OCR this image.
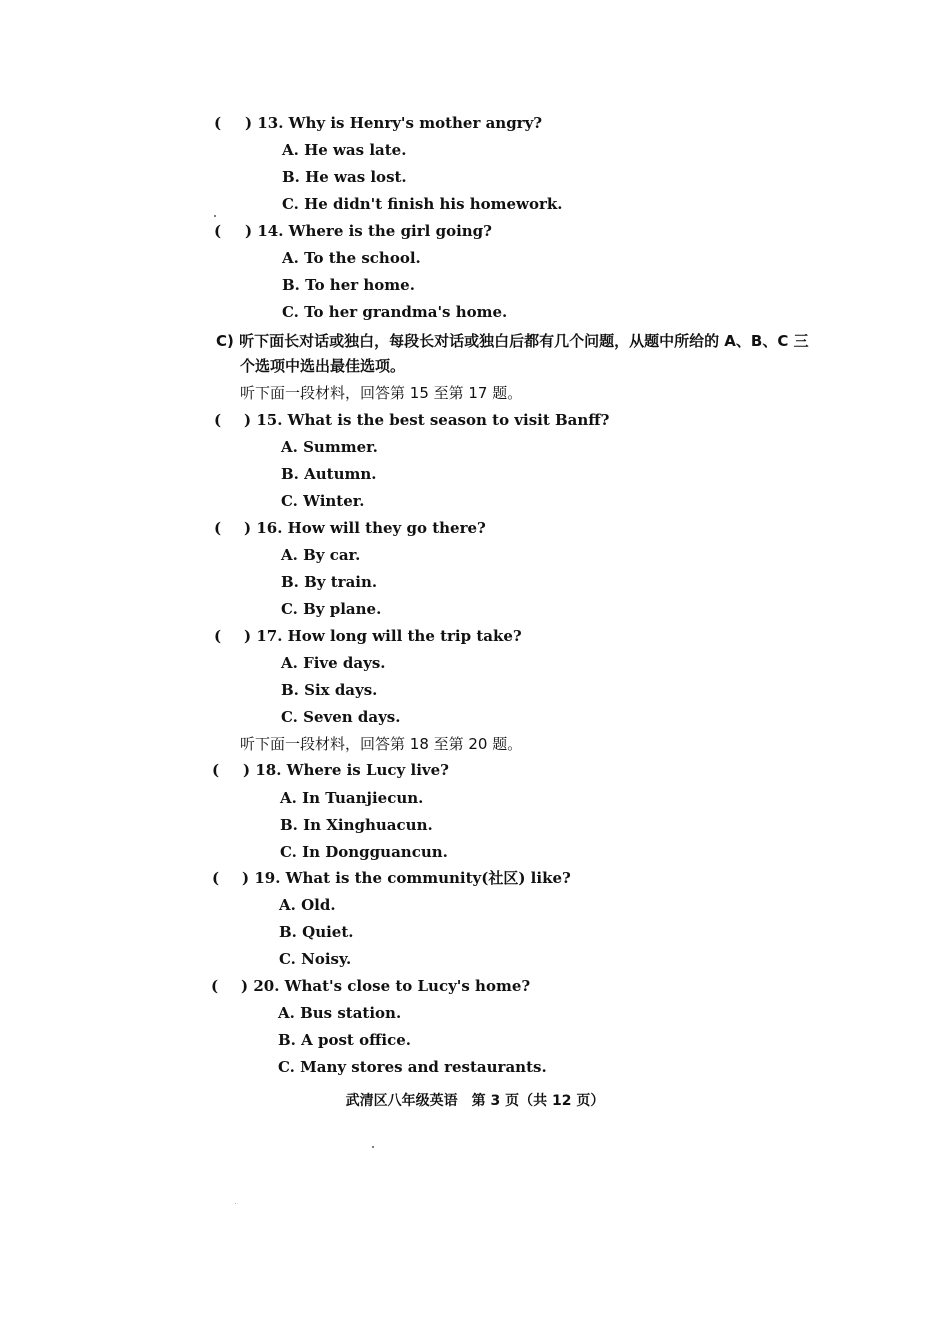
( ) 13. Why is Henry's mother angry?
A. He was late.
B. He was lost.
C. He didn't finish his homework.
( ) 14. Where is the girl going?
A. To the school.
B. To her home.
C. To her grandma's home.
C) 听下面长对话或独白，每段长对话或独白后都有几个问题，从题中所给的 A、B、C 三
个选项中选出最佳选项。
听下面一段材料，回答第 15 至第 17 题。
( ) 15. What is the best season to visit Banff?
A. Summer.
B. Autumn.
C. Winter.
( ) 16. How will they go there?
A. By car.
B. By train.
C. By plane.
( ) 17. How long will the trip take?
A. Five days.
B. Six days.
C. Seven days.
听下面一段材料，回答第 18 至第 20 题。
( ) 18. Where is Lucy live?
A. In Tuanjiecun.
B. In Xinghuacun.
C. In Dongguancun.
( ) 19. What is the community(社区) like?
A. Old.
B. Quiet.
C. Noisy.
( ) 20. What's close to Lucy's home?
A. Bus station.
B. A post office.
C. Many stores and restaurants.
武清区八年级英语　第 3 页（共 12 页）
